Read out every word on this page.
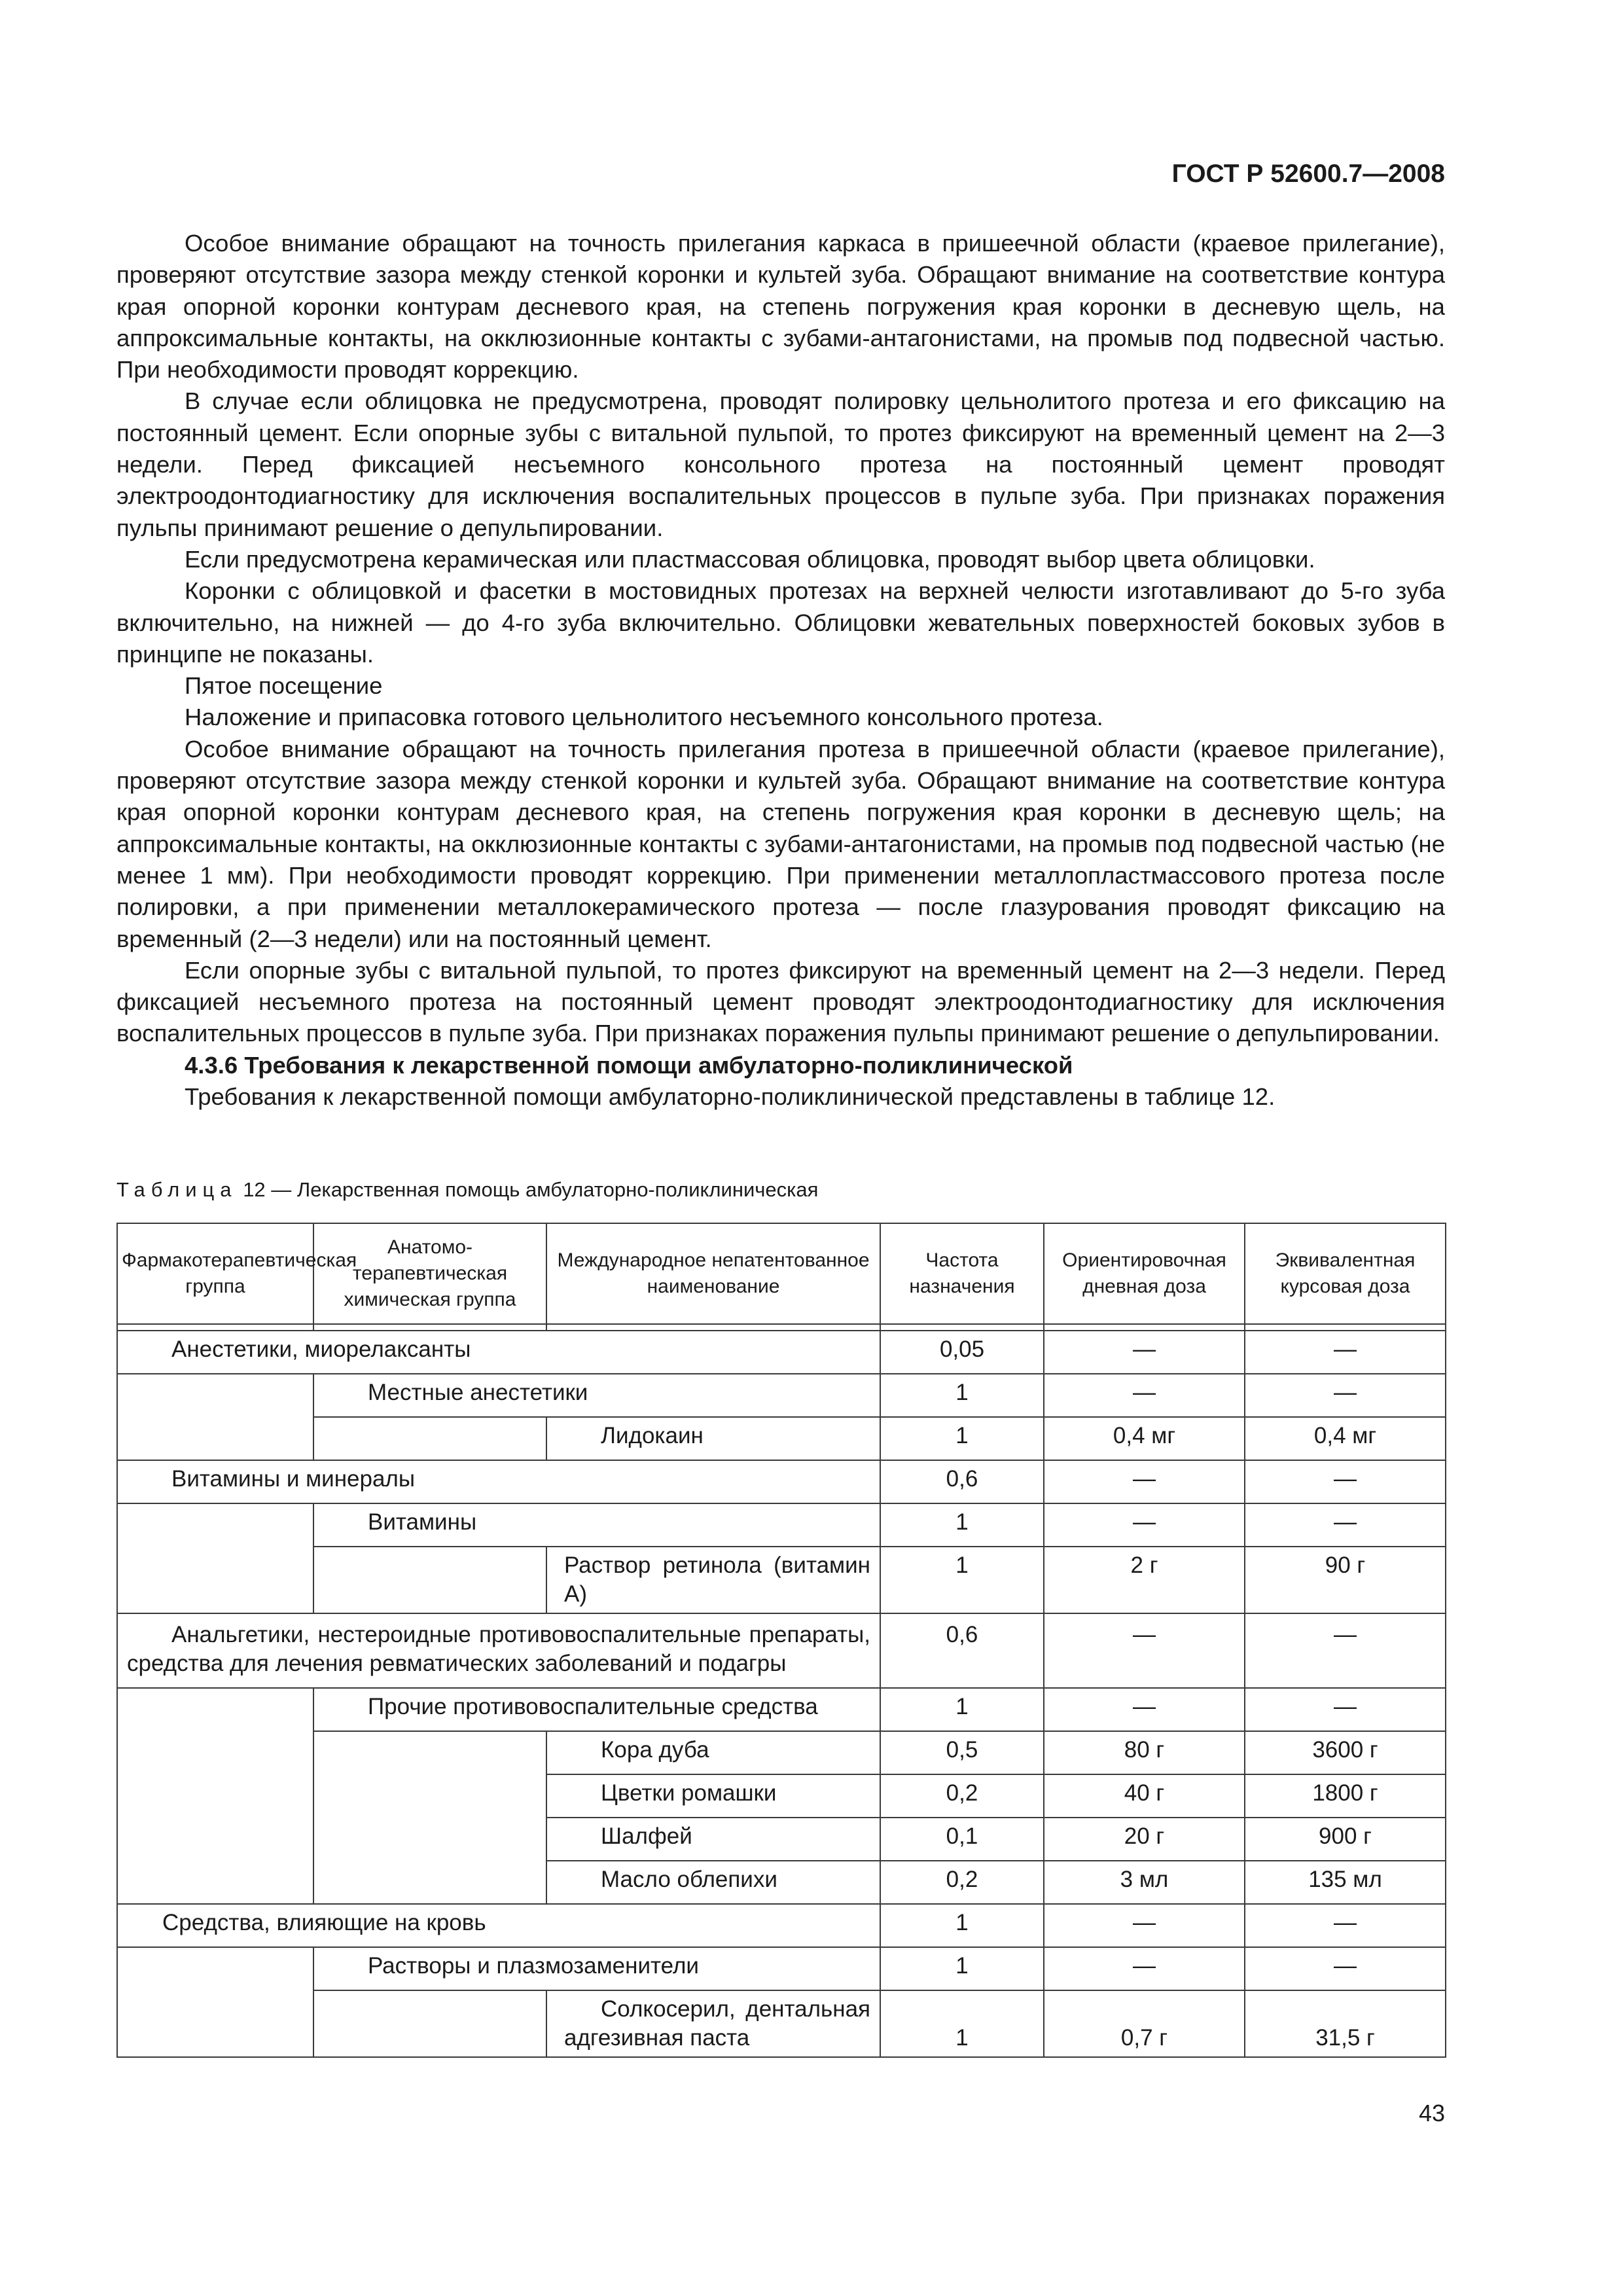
ГОСТ Р 52600.7—2008

Особое внимание обращают на точность прилегания каркаса в пришеечной области (краевое прилегание), проверяют отсутствие зазора между стенкой коронки и культей зуба. Обращают внимание на соответствие контура края опорной коронки контурам десневого края, на степень погружения края коронки в десневую щель, на аппроксимальные контакты, на окклюзионные контакты с зубами-антагонистами, на промыв под подвесной частью. При необходимости проводят коррекцию.

В случае если облицовка не предусмотрена, проводят полировку цельнолитого протеза и его фиксацию на постоянный цемент. Если опорные зубы с витальной пульпой, то протез фиксируют на временный цемент на 2—3 недели. Перед фиксацией несъемного консольного протеза на постоянный цемент проводят электроодонтодиагностику для исключения воспалительных процессов в пульпе зуба. При признаках поражения пульпы принимают решение о депульпировании.

Если предусмотрена керамическая или пластмассовая облицовка, проводят выбор цвета облицовки.

Коронки с облицовкой и фасетки в мостовидных протезах на верхней челюсти изготавливают до 5-го зуба включительно, на нижней — до 4-го зуба включительно. Облицовки жевательных поверхностей боковых зубов в принципе не показаны.

Пятое посещение

Наложение и припасовка готового цельнолитого несъемного консольного протеза.

Особое внимание обращают на точность прилегания протеза в пришеечной области (краевое прилегание), проверяют отсутствие зазора между стенкой коронки и культей зуба. Обращают внимание на соответствие контура края опорной коронки контурам десневого края, на степень погружения края коронки в десневую щель; на аппроксимальные контакты, на окклюзионные контакты с зубами-антагонистами, на промыв под подвесной частью (не менее 1 мм). При необходимости проводят коррекцию. При применении металлопластмассового протеза после полировки, а при применении металлокерамического протеза — после глазурования проводят фиксацию на временный (2—3 недели) или на постоянный цемент.

Если опорные зубы с витальной пульпой, то протез фиксируют на временный цемент на 2—3 недели. Перед фиксацией несъемного протеза на постоянный цемент проводят электроодонтодиагностику для исключения воспалительных процессов в пульпе зуба. При признаках поражения пульпы принимают решение о депульпировании.

4.3.6 Требования к лекарственной помощи амбулаторно-поликлинической

Требования к лекарственной помощи амбулаторно-поликлинической представлены в таблице 12.

Таблица 12 — Лекарственная помощь амбулаторно-поликлиническая
Фармакотерапевтическая группа	Анатомо-терапевтическая химическая группа	Международное непатентованное наименование	Частота назначения	Ориентировочная дневная доза	Эквивалентная курсовая доза

Анестетики, миорелаксанты			0,05	—	—
	Местные анестетики		1	—	—
		Лидокаин	1	0,4 мг	0,4 мг
Витамины и минералы			0,6	—	—
	Витамины		1	—	—
		Раствор ретинола (витамин А)	1	2 г	90 г
Анальгетики, нестероидные противовоспалительные препараты, средства для лечения ревматических заболеваний и подагры			0,6	—	—
	Прочие противовоспалительные средства		1	—	—
		Кора дуба	0,5	80 г	3600 г
		Цветки ромашки	0,2	40 г	1800 г
		Шалфей	0,1	20 г	900 г
		Масло облепихи	0,2	3 мл	135 мл
Средства, влияющие на кровь			1	—	—
	Растворы и плазмозаменители		1	—	—
		Солкосерил, дентальная адгезивная паста	1	0,7 г	31,5 г
43
